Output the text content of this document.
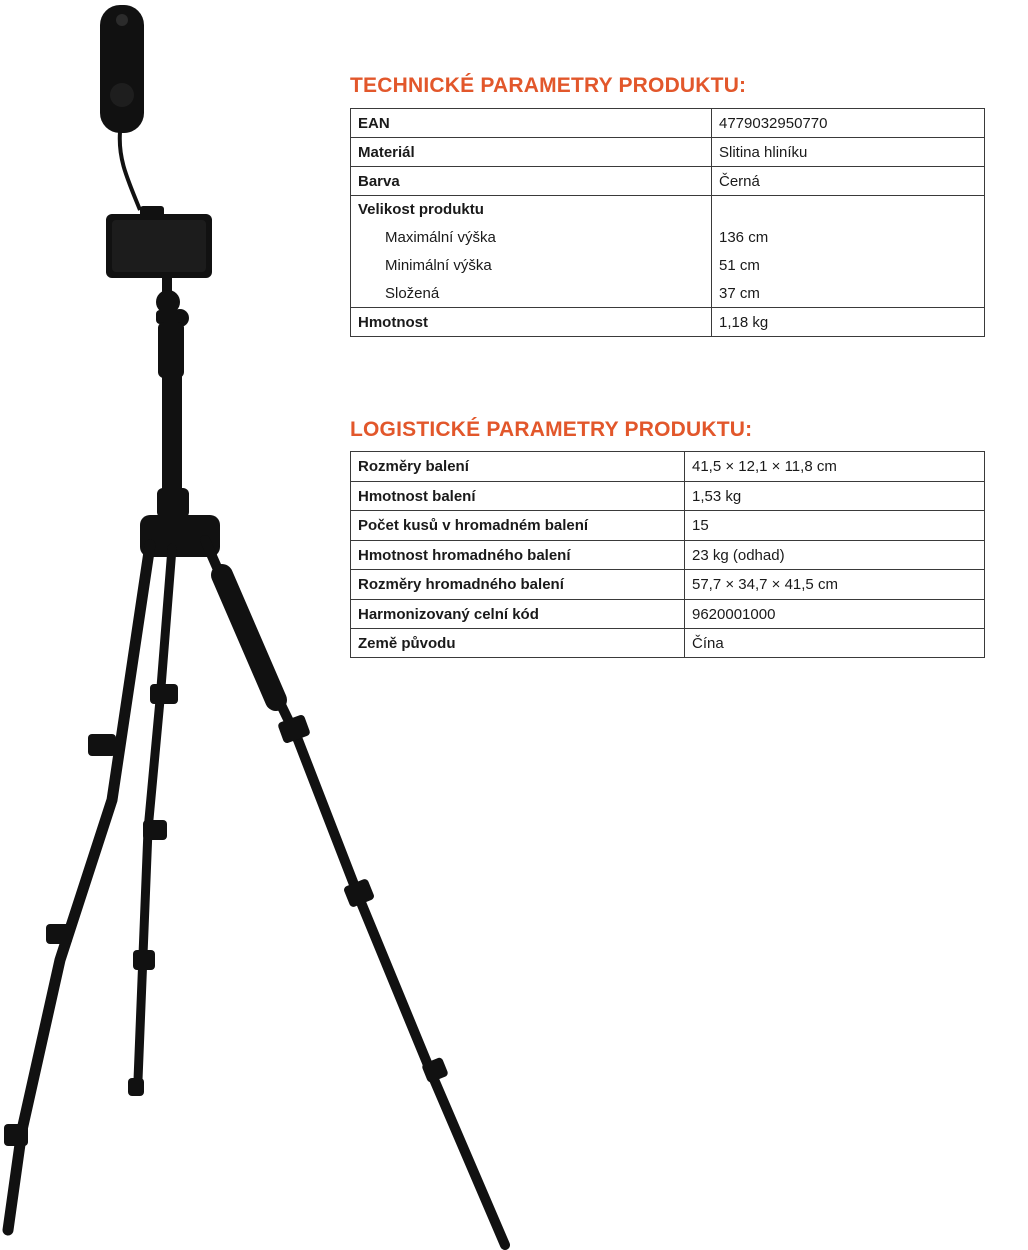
TECHNICKÉ PARAMETRY PRODUKTU:
EAN	4779032950770
Materiál	Slitina hliníku
Barva	Černá
Velikost produktu	
Maximální výška	136 cm
Minimální výška	51 cm
Složená	37 cm
Hmotnost	1,18 kg
LOGISTICKÉ PARAMETRY PRODUKTU:
Rozměry balení	41,5 × 12,1 × 11,8 cm
Hmotnost balení	1,53 kg
Počet kusů v hromadném balení	15
Hmotnost hromadného balení	23 kg (odhad)
Rozměry hromadného balení	57,7 × 34,7 × 41,5 cm
Harmonizovaný celní kód	9620001000
Země původu	Čína
